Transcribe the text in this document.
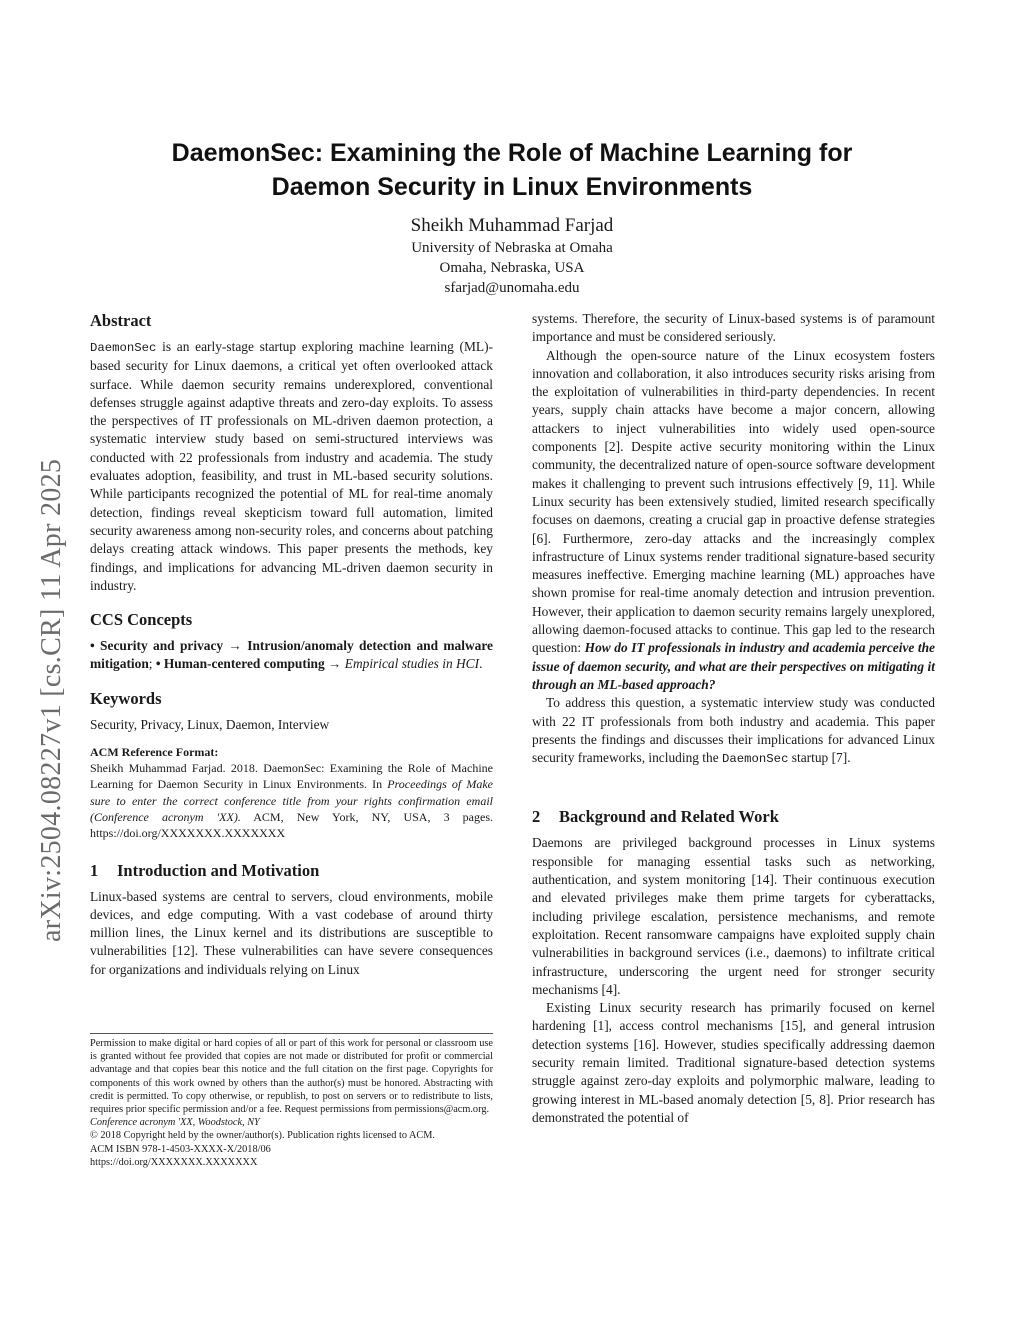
arXiv:2504.08227v1 [cs.CR] 11 Apr 2025
DaemonSec: Examining the Role of Machine Learning for
Daemon Security in Linux Environments
Sheikh Muhammad Farjad
University of Nebraska at Omaha
Omaha, Nebraska, USA
sfarjad@unomaha.edu
Abstract

DaemonSec is an early-stage startup exploring machine learning (ML)-based security for Linux daemons, a critical yet often overlooked attack surface. While daemon security remains underexplored, conventional defenses struggle against adaptive threats and zero-day exploits. To assess the perspectives of IT professionals on ML-driven daemon protection, a systematic interview study based on semi-structured interviews was conducted with 22 professionals from industry and academia. The study evaluates adoption, feasibility, and trust in ML-based security solutions. While participants recognized the potential of ML for real-time anomaly detection, findings reveal skepticism toward full automation, limited security awareness among non-security roles, and concerns about patching delays creating attack windows. This paper presents the methods, key findings, and implications for advancing ML-driven daemon security in industry.

CCS Concepts

• Security and privacy → Intrusion/anomaly detection and malware mitigation; • Human-centered computing → Empirical studies in HCI.

Keywords

Security, Privacy, Linux, Daemon, Interview

ACM Reference Format:

Sheikh Muhammad Farjad. 2018. DaemonSec: Examining the Role of Machine Learning for Daemon Security in Linux Environments. In Proceedings of Make sure to enter the correct conference title from your rights confirmation email (Conference acronym 'XX). ACM, New York, NY, USA, 3 pages. https://doi.org/XXXXXXX.XXXXXXX

1 Introduction and Motivation

Linux-based systems are central to servers, cloud environments, mobile devices, and edge computing. With a vast codebase of around thirty million lines, the Linux kernel and its distributions are susceptible to vulnerabilities [12]. These vulnerabilities can have severe consequences for organizations and individuals relying on Linux

Permission to make digital or hard copies of all or part of this work for personal or classroom use is granted without fee provided that copies are not made or distributed for profit or commercial advantage and that copies bear this notice and the full citation on the first page. Copyrights for components of this work owned by others than the author(s) must be honored. Abstracting with credit is permitted. To copy otherwise, or republish, to post on servers or to redistribute to lists, requires prior specific permission and/or a fee. Request permissions from permissions@acm.org.

Conference acronym 'XX, Woodstock, NY

© 2018 Copyright held by the owner/author(s). Publication rights licensed to ACM.

ACM ISBN 978-1-4503-XXXX-X/2018/06

https://doi.org/XXXXXXX.XXXXXXX

systems. Therefore, the security of Linux-based systems is of paramount importance and must be considered seriously.

Although the open-source nature of the Linux ecosystem fosters innovation and collaboration, it also introduces security risks arising from the exploitation of vulnerabilities in third-party dependencies. In recent years, supply chain attacks have become a major concern, allowing attackers to inject vulnerabilities into widely used open-source components [2]. Despite active security monitoring within the Linux community, the decentralized nature of open-source software development makes it challenging to prevent such intrusions effectively [9, 11]. While Linux security has been extensively studied, limited research specifically focuses on daemons, creating a crucial gap in proactive defense strategies [6]. Furthermore, zero-day attacks and the increasingly complex infrastructure of Linux systems render traditional signature-based security measures ineffective. Emerging machine learning (ML) approaches have shown promise for real-time anomaly detection and intrusion prevention. However, their application to daemon security remains largely unexplored, allowing daemon-focused attacks to continue. This gap led to the research question: How do IT professionals in industry and academia perceive the issue of daemon security, and what are their perspectives on mitigating it through an ML-based approach?

To address this question, a systematic interview study was conducted with 22 IT professionals from both industry and academia. This paper presents the findings and discusses their implications for advanced Linux security frameworks, including the DaemonSec startup [7].

2 Background and Related Work

Daemons are privileged background processes in Linux systems responsible for managing essential tasks such as networking, authentication, and system monitoring [14]. Their continuous execution and elevated privileges make them prime targets for cyberattacks, including privilege escalation, persistence mechanisms, and remote exploitation. Recent ransomware campaigns have exploited supply chain vulnerabilities in background services (i.e., daemons) to infiltrate critical infrastructure, underscoring the urgent need for stronger security mechanisms [4].

Existing Linux security research has primarily focused on kernel hardening [1], access control mechanisms [15], and general intrusion detection systems [16]. However, studies specifically addressing daemon security remain limited. Traditional signature-based detection systems struggle against zero-day exploits and polymorphic malware, leading to growing interest in ML-based anomaly detection [5, 8]. Prior research has demonstrated the potential of
